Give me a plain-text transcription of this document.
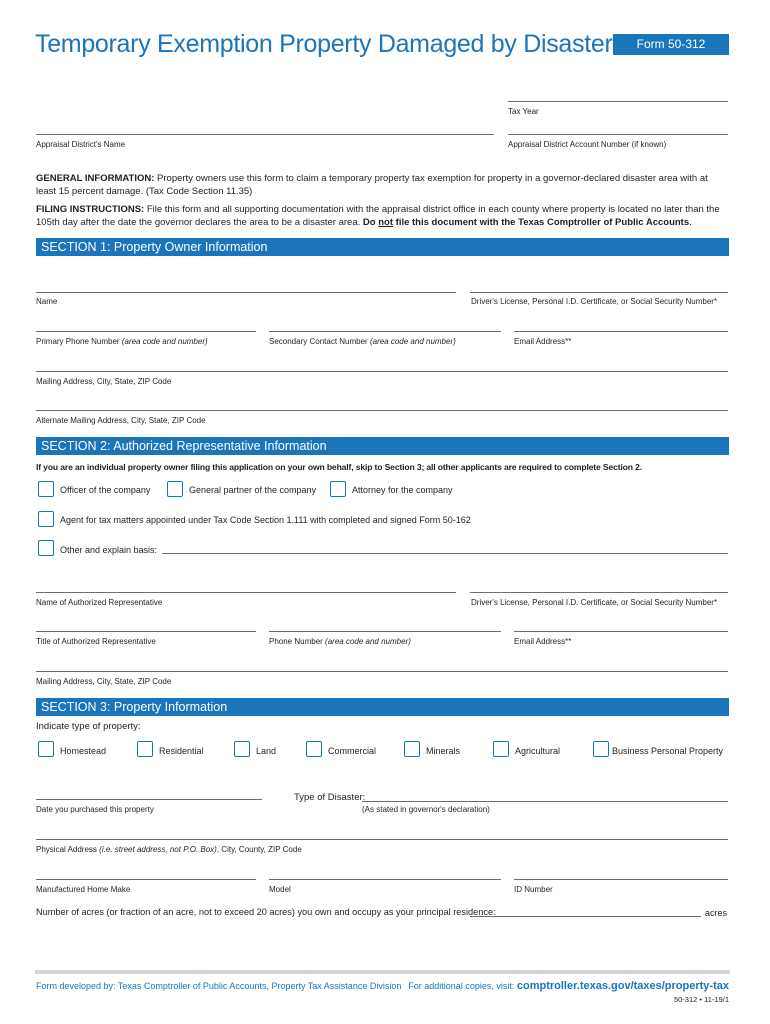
Temporary Exemption Property Damaged by Disaster	Form 50-312
Tax Year
Appraisal District's Name	Appraisal District Account Number (if known)
GENERAL INFORMATION: Property owners use this form to claim a temporary property tax exemption for property in a governor-declared disaster area with at least 15 percent damage. (Tax Code Section 11.35)
FILING INSTRUCTIONS: File this form and all supporting documentation with the appraisal district office in each county where property is located no later than the 105th day after the date the governor declares the area to be a disaster area. Do not file this document with the Texas Comptroller of Public Accounts.
SECTION 1: Property Owner Information
Name	Driver's License, Personal I.D. Certificate, or Social Security Number*
Primary Phone Number (area code and number)	Secondary Contact Number (area code and number)	Email Address**
Mailing Address, City, State, ZIP Code
Alternate Mailing Address, City, State, ZIP Code
SECTION 2: Authorized Representative Information
If you are an individual property owner filing this application on your own behalf, skip to Section 3; all other applicants are required to complete Section 2.
Officer of the company	General partner of the company	Attorney for the company
Agent for tax matters appointed under Tax Code Section 1.111 with completed and signed Form 50-162
Other and explain basis:
Name of Authorized Representative	Driver's License, Personal I.D. Certificate, or Social Security Number*
Title of Authorized Representative	Phone Number (area code and number)	Email Address**
Mailing Address, City, State, ZIP Code
SECTION 3: Property Information
Indicate type of property:
Homestead	Residential	Land	Commercial	Minerals	Agricultural	Business Personal Property
Date you purchased this property
Type of Disaster:
(As stated in governor's declaration)
Physical Address (i.e. street address, not P.O. Box), City, County, ZIP Code
Manufactured Home Make	Model	ID Number
Number of acres (or fraction of an acre, not to exceed 20 acres) you own and occupy as your principal residence:	acres
Form developed by: Texas Comptroller of Public Accounts, Property Tax Assistance Division For additional copies, visit: comptroller.texas.gov/taxes/property-tax
50-312 • 11-19/1
